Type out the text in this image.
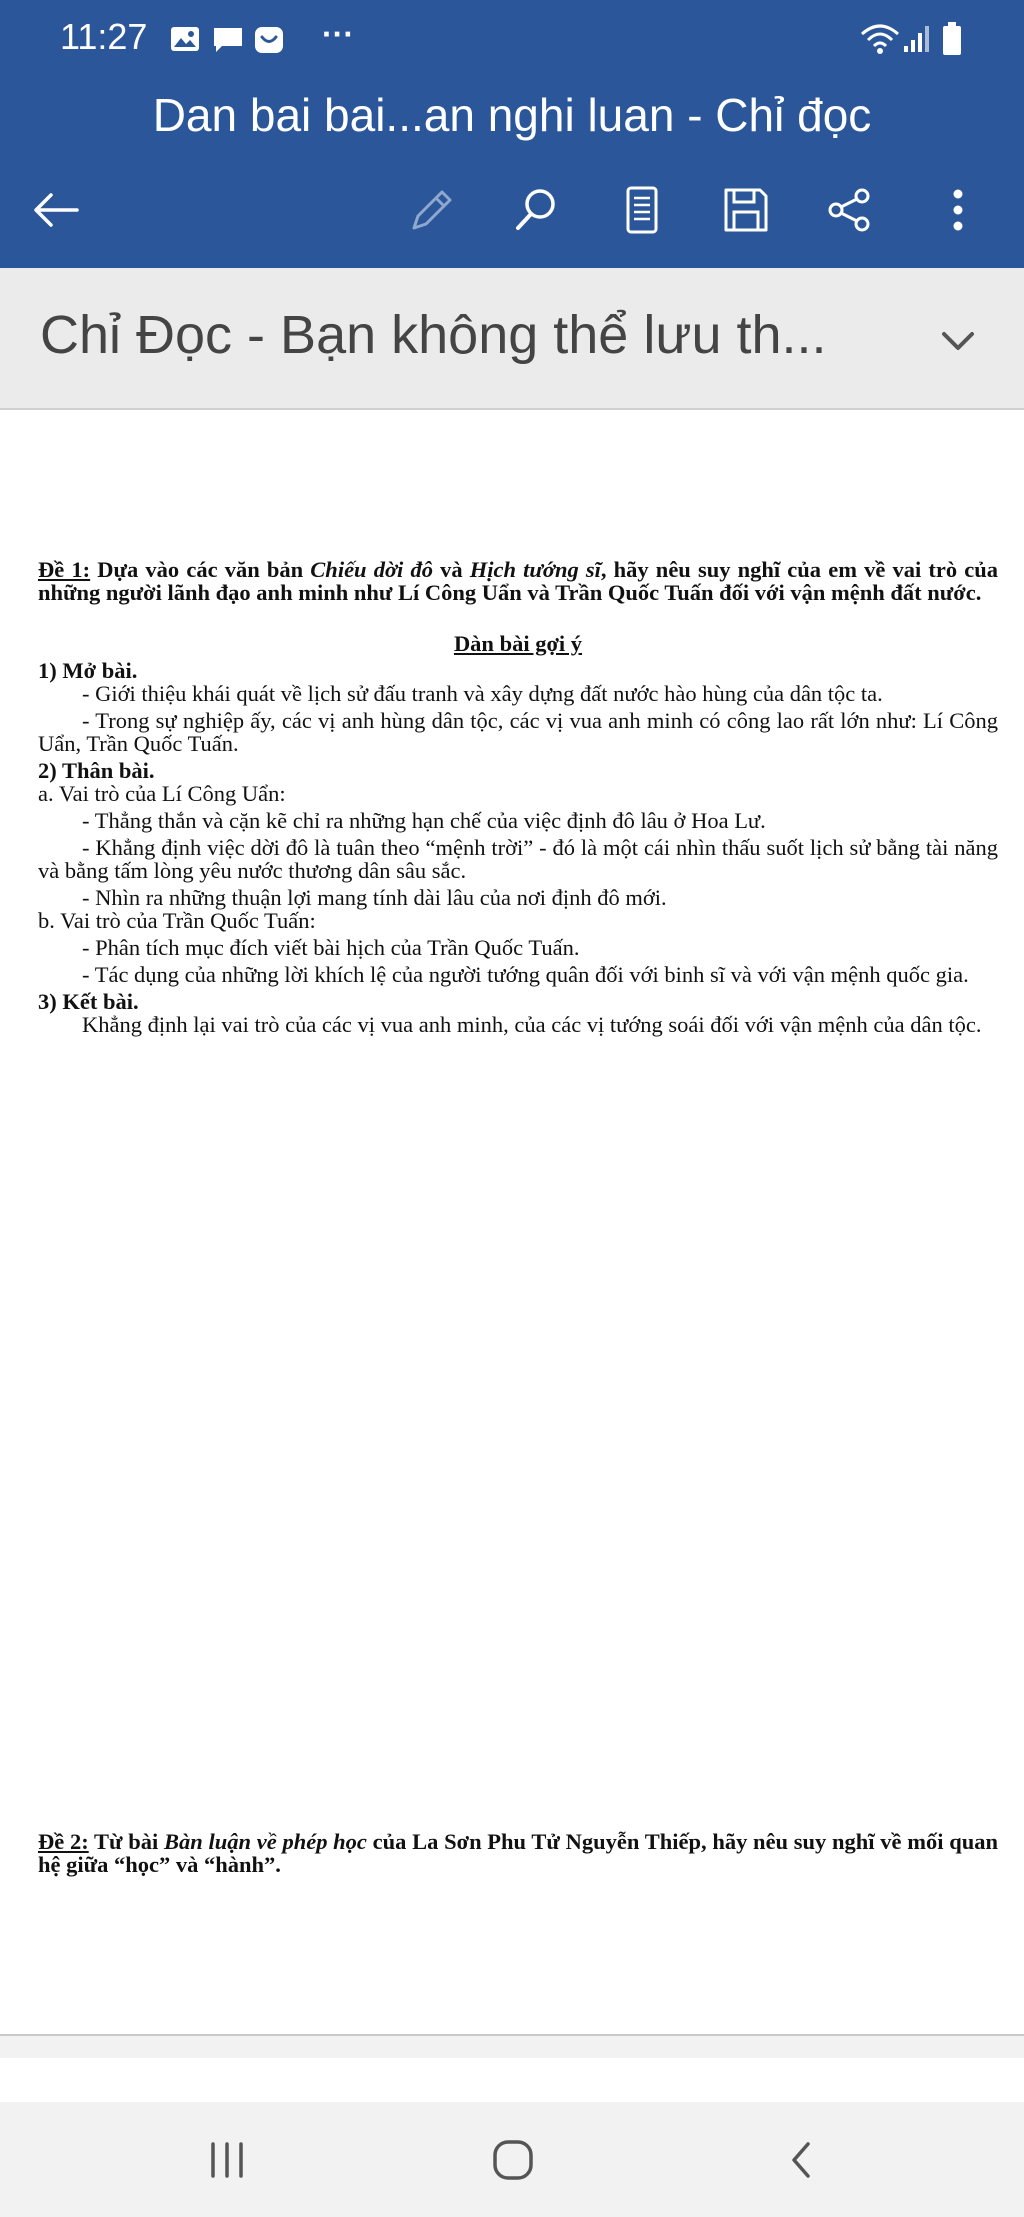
11:27	···
Dan bai bai...an nghi luan - Chỉ đọc
Chỉ Đọc - Bạn không thể lưu th...

Đề 1: Dựa vào các văn bản Chiếu dời đô và Hịch tướng sĩ, hãy nêu suy nghĩ của em về vai trò của những người lãnh đạo anh minh như Lí Công Uẩn và Trần Quốc Tuấn đối với vận mệnh đất nước.

Dàn bài gợi ý

1) Mở bài.

- Giới thiệu khái quát về lịch sử đấu tranh và xây dựng đất nước hào hùng của dân tộc ta.

- Trong sự nghiệp ấy, các vị anh hùng dân tộc, các vị vua anh minh có công lao rất lớn như: Lí Công Uẩn, Trần Quốc Tuấn.

2) Thân bài.

a. Vai trò của Lí Công Uẩn:

- Thẳng thắn và cặn kẽ chỉ ra những hạn chế của việc định đô lâu ở Hoa Lư.

- Khẳng định việc dời đô là tuân theo “mệnh trời” - đó là một cái nhìn thấu suốt lịch sử bằng tài năng và bằng tấm lòng yêu nước thương dân sâu sắc.

- Nhìn ra những thuận lợi mang tính dài lâu của nơi định đô mới.

b. Vai trò của Trần Quốc Tuấn:

- Phân tích mục đích viết bài hịch của Trần Quốc Tuấn.

- Tác dụng của những lời khích lệ của người tướng quân đối với binh sĩ và với vận mệnh quốc gia.

3) Kết bài.

Khẳng định lại vai trò của các vị vua anh minh, của các vị tướng soái đối với vận mệnh của dân tộc.

Đề 2: Từ bài Bàn luận về phép học của La Sơn Phu Tử Nguyễn Thiếp, hãy nêu suy nghĩ về mối quan hệ giữa “học” và “hành”.
